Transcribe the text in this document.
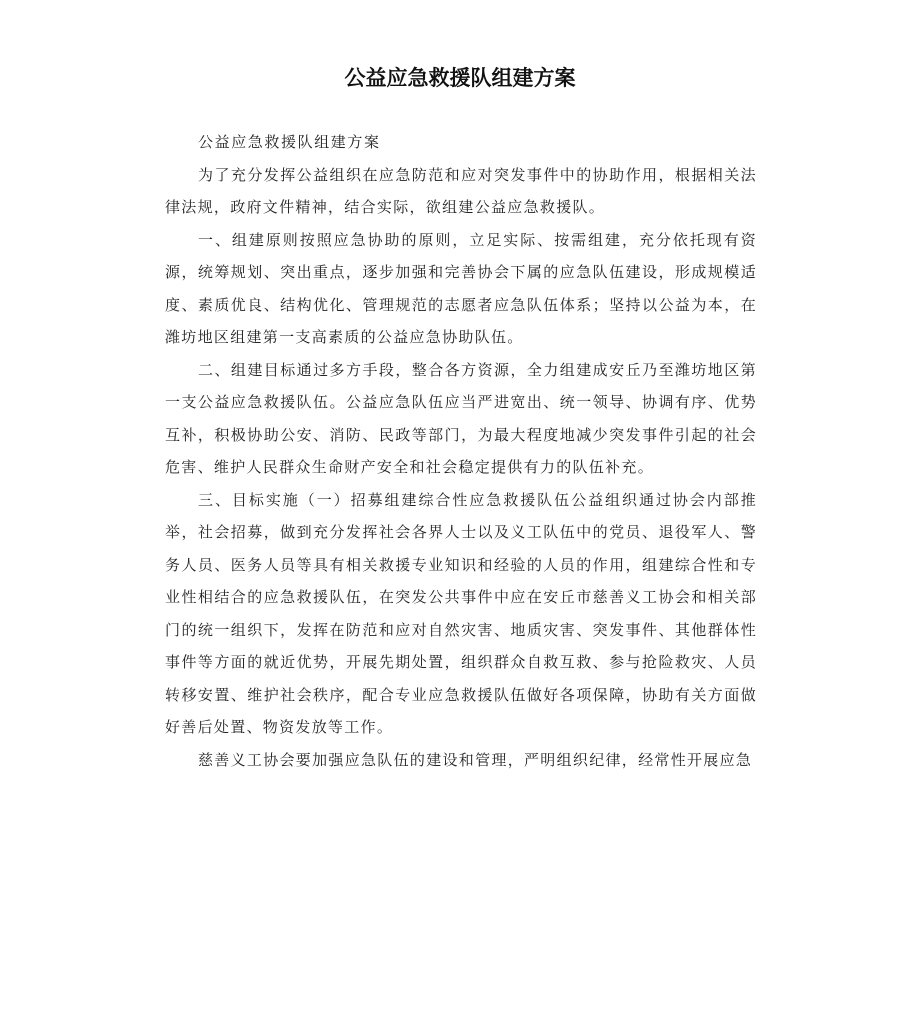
公益应急救援队组建方案

公益应急救援队组建方案

为了充分发挥公益组织在应急防范和应对突发事件中的协助作用，根据相关法律法规，政府文件精神，结合实际，欲组建公益应急救援队。

一、组建原则按照应急协助的原则，立足实际、按需组建，充分依托现有资源，统筹规划、突出重点，逐步加强和完善协会下属的应急队伍建设，形成规模适度、素质优良、结构优化、管理规范的志愿者应急队伍体系；坚持以公益为本，在潍坊地区组建第一支高素质的公益应急协助队伍。

二、组建目标通过多方手段，整合各方资源，全力组建成安丘乃至潍坊地区第一支公益应急救援队伍。公益应急队伍应当严进宽出、统一领导、协调有序、优势互补，积极协助公安、消防、民政等部门，为最大程度地减少突发事件引起的社会危害、维护人民群众生命财产安全和社会稳定提供有力的队伍补充。

三、目标实施（一）招募组建综合性应急救援队伍公益组织通过协会内部推举，社会招募，做到充分发挥社会各界人士以及义工队伍中的党员、退役军人、警务人员、医务人员等具有相关救援专业知识和经验的人员的作用，组建综合性和专业性相结合的应急救援队伍，在突发公共事件中应在安丘市慈善义工协会和相关部门的统一组织下，发挥在防范和应对自然灾害、地质灾害、突发事件、其他群体性事件等方面的就近优势，开展先期处置，组织群众自救互救、参与抢险救灾、人员转移安置、维护社会秩序，配合专业应急救援队伍做好各项保障，协助有关方面做好善后处置、物资发放等工作。

慈善义工协会要加强应急队伍的建设和管理，严明组织纪律，经常性开展应急
